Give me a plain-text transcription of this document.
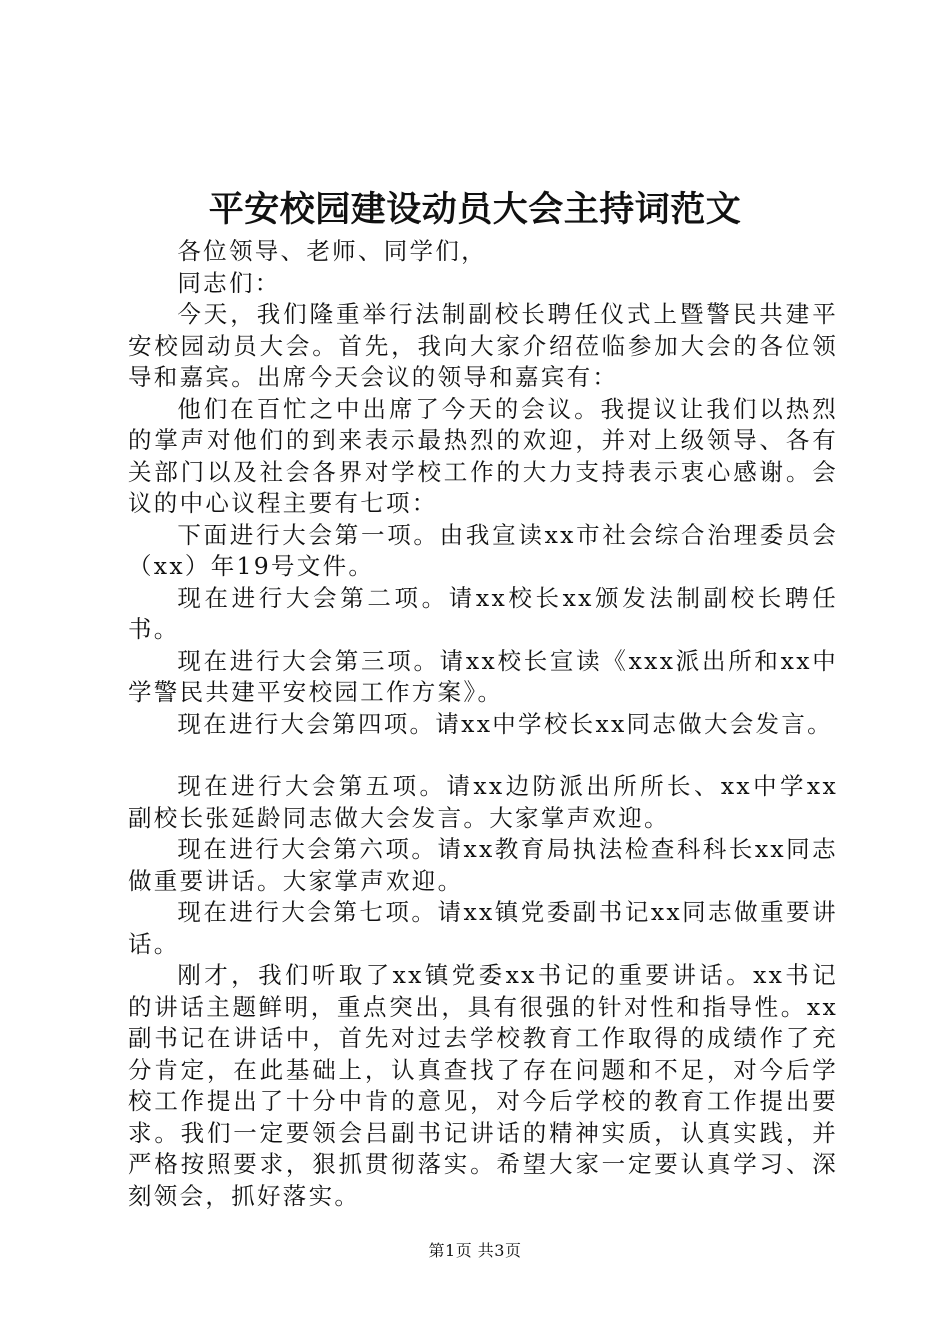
平安校园建设动员大会主持词范文

各位领导、老师、同学们，

同志们：

今天，我们隆重举行法制副校长聘任仪式上暨警民共建平安校园动员大会。首先，我向大家介绍莅临参加大会的各位领导和嘉宾。出席今天会议的领导和嘉宾有：

他们在百忙之中出席了今天的会议。我提议让我们以热烈的掌声对他们的到来表示最热烈的欢迎，并对上级领导、各有关部门以及社会各界对学校工作的大力支持表示衷心感谢。会议的中心议程主要有七项：

下面进行大会第一项。由我宣读xx市社会综合治理委员会（xx）年19号文件。

现在进行大会第二项。请xx校长xx颁发法制副校长聘任书。

现在进行大会第三项。请xx校长宣读《xxx派出所和xx中学警民共建平安校园工作方案》。

现在进行大会第四项。请xx中学校长xx同志做大会发言。

现在进行大会第五项。请xx边防派出所所长、xx中学xx副校长张延龄同志做大会发言。大家掌声欢迎。

现在进行大会第六项。请xx教育局执法检查科科长xx同志做重要讲话。大家掌声欢迎。

现在进行大会第七项。请xx镇党委副书记xx同志做重要讲话。

刚才，我们听取了xx镇党委xx书记的重要讲话。xx书记的讲话主题鲜明，重点突出，具有很强的针对性和指导性。xx副书记在讲话中，首先对过去学校教育工作取得的成绩作了充分肯定，在此基础上，认真查找了存在问题和不足，对今后学校工作提出了十分中肯的意见，对今后学校的教育工作提出要求。我们一定要领会吕副书记讲话的精神实质，认真实践，并严格按照要求，狠抓贯彻落实。希望大家一定要认真学习、深刻领会，抓好落实。

第1页 共3页
